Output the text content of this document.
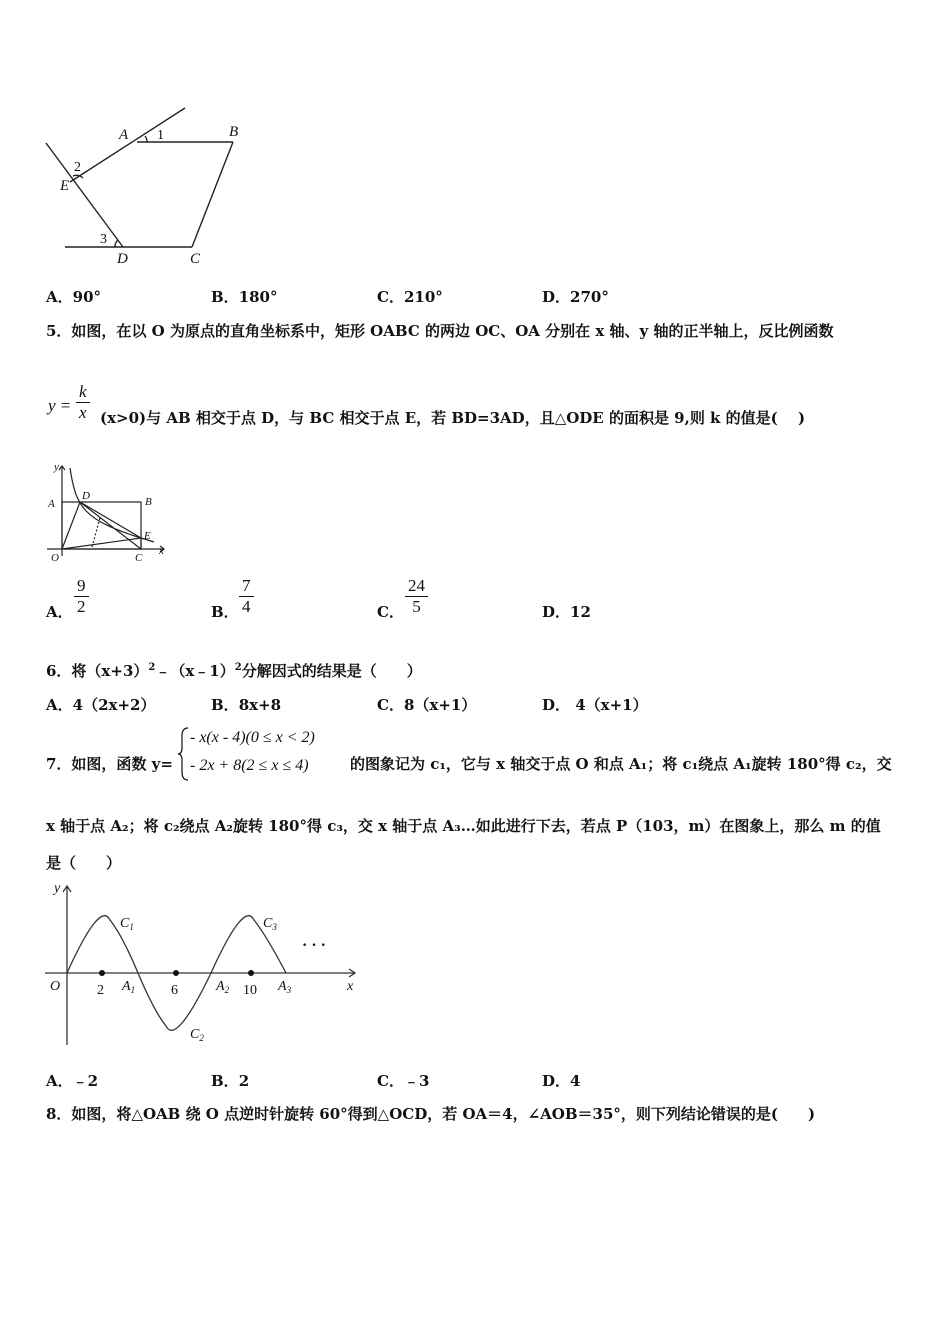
A	B
E
D	C
1
2
3
A．90°	B．180°	C．210°	D．270°
5．如图，在以 O 为原点的直角坐标系中，矩形 OABC 的两边 OC、OA 分别在 x 轴、y 轴的正半轴上，反比例函数
$y = \frac{k}{x} (x>0)$与 AB 相交于点 D，与 BC 相交于点 E，若 BD=3AD，且△ODE 的面积是 9,则 k 的值是(　 )
y
x
A
D	B
E
C
O
A． $\frac{9}{2}$	B． $\frac{7}{4}$	C． $\frac{24}{5}$	D．12
6．将$(x+3)^2﹣(x﹣1)^2$分解因式的结果是（　　）
A．4（2x+2）	B．8x+8	C．8（x+1）	D． 4（x+1）
7．如图，函数 y=
- x(x - 4)(0 ≤ x < 2)
- 2x + 8(2 ≤ x ≤ 4)	的图象记为 c₁，它与 x 轴交于点 O 和点 A₁；将 c₁绕点 A₁旋转 180°得 c₂，交
x 轴于点 A₂；将 c₂绕点 A₂旋转 180°得 c₃，交 x 轴于点 A₃…如此进行下去，若点 P（103，m）在图象上，那么 m 的值
是（　　）
y
x
O	2	6	10
$A_1$	$A_2$	$A_3$
$C_1$
$C_2$
$C_3$
· · ·
A．﹣2	B．2	C．﹣3	D．4
8．如图，将△OAB 绕 O 点逆时针旋转 60°得到△OCD，若 OA＝4，∠AOB＝35°，则下列结论错误的是(　　)
